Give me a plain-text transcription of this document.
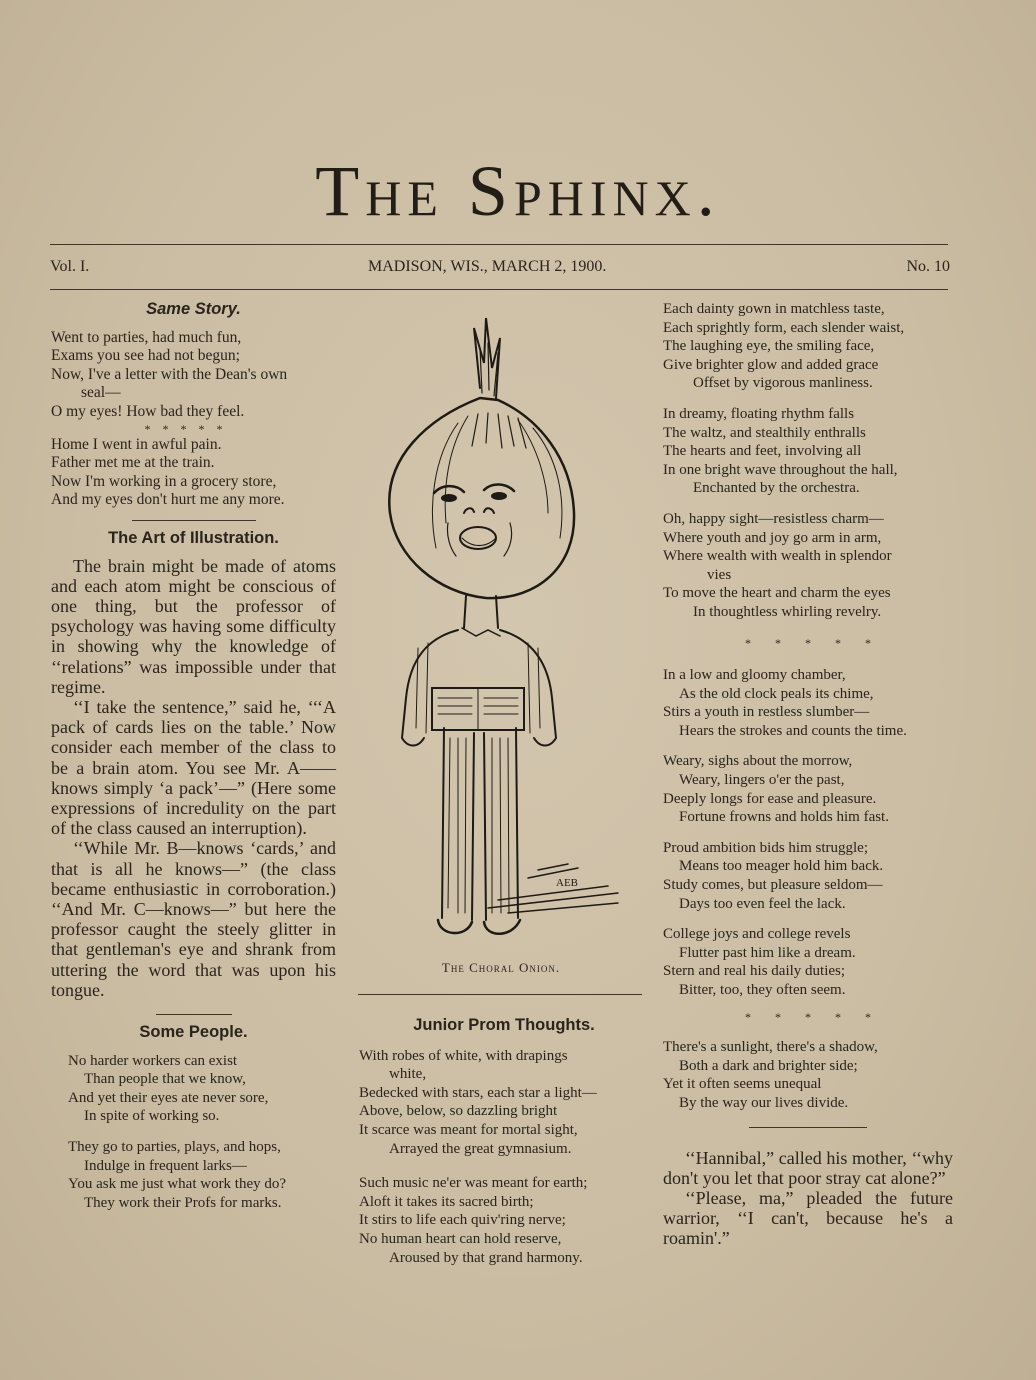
The Sphinx.
Vol. I.	MADISON, WIS., MARCH 2, 1900.	No. 10
Same Story.
Went to parties, had much fun,
Exams you see had not begun;
Now, I've a letter with the Dean's own
seal—
O my eyes! How bad they feel.
*    *    *    *    *
Home I went in awful pain.
Father met me at the train.
Now I'm working in a grocery store,
And my eyes don't hurt me any more.
The Art of Illustration.

The brain might be made of atoms and each atom might be conscious of one thing, but the professor of psychology was having some difficulty in showing why the knowledge of ‘‘relations” was impossible under that regime.

‘‘I take the sentence,” said he, ‘‘‘A pack of cards lies on the table.’ Now consider each member of the class to be a brain atom. You see Mr. A——knows simply ‘a pack’—” (Here some expressions of incredulity on the part of the class caused an interruption).

‘‘While Mr. B—knows ‘cards,’ and that is all he knows—” (the class became enthusiastic in corroboration.) ‘‘And Mr. C—knows—” but here the professor caught the steely glitter in that gentleman's eye and shrank from uttering the word that was upon his tongue.

Some People.
No harder workers can exist
Than people that we know,
And yet their eyes ate never sore,
In spite of working so.
They go to parties, plays, and hops,
Indulge in frequent larks—
You ask me just what work they do?
They work their Profs for marks.
AEB
The Choral Onion.
Junior Prom Thoughts.
With robes of white, with drapings
white,
Bedecked with stars, each star a light—
Above, below, so dazzling bright
It scarce was meant for mortal sight,
Arrayed the great gymnasium.
Such music ne'er was meant for earth;
Aloft it takes its sacred birth;
It stirs to life each quiv'ring nerve;
No human heart can hold reserve,
Aroused by that grand harmony.
Each dainty gown in matchless taste,
Each sprightly form, each slender waist,
The laughing eye, the smiling face,
Give brighter glow and added grace
Offset by vigorous manliness.
In dreamy, floating rhythm falls
The waltz, and stealthily enthralls
The hearts and feet, involving all
In one bright wave throughout the hall,
Enchanted by the orchestra.
Oh, happy sight—resistless charm—
Where youth and joy go arm in arm,
Where wealth with wealth in splendor
vies
To move the heart and charm the eyes
In thoughtless whirling revelry.
*        *        *        *        *
In a low and gloomy chamber,
As the old clock peals its chime,
Stirs a youth in restless slumber—
Hears the strokes and counts the time.
Weary, sighs about the morrow,
Weary, lingers o'er the past,
Deeply longs for ease and pleasure.
Fortune frowns and holds him fast.
Proud ambition bids him struggle;
Means too meager hold him back.
Study comes, but pleasure seldom—
Days too even feel the lack.
College joys and college revels
Flutter past him like a dream.
Stern and real his daily duties;
Bitter, too, they often seem.
*        *        *        *        *
There's a sunlight, there's a shadow,
Both a dark and brighter side;
Yet it often seems unequal
By the way our lives divide.

‘‘Hannibal,” called his mother, ‘‘why don't you let that poor stray cat alone?”

‘‘Please, ma,” pleaded the future warrior, ‘‘I can't, because he's a roamin'.”
